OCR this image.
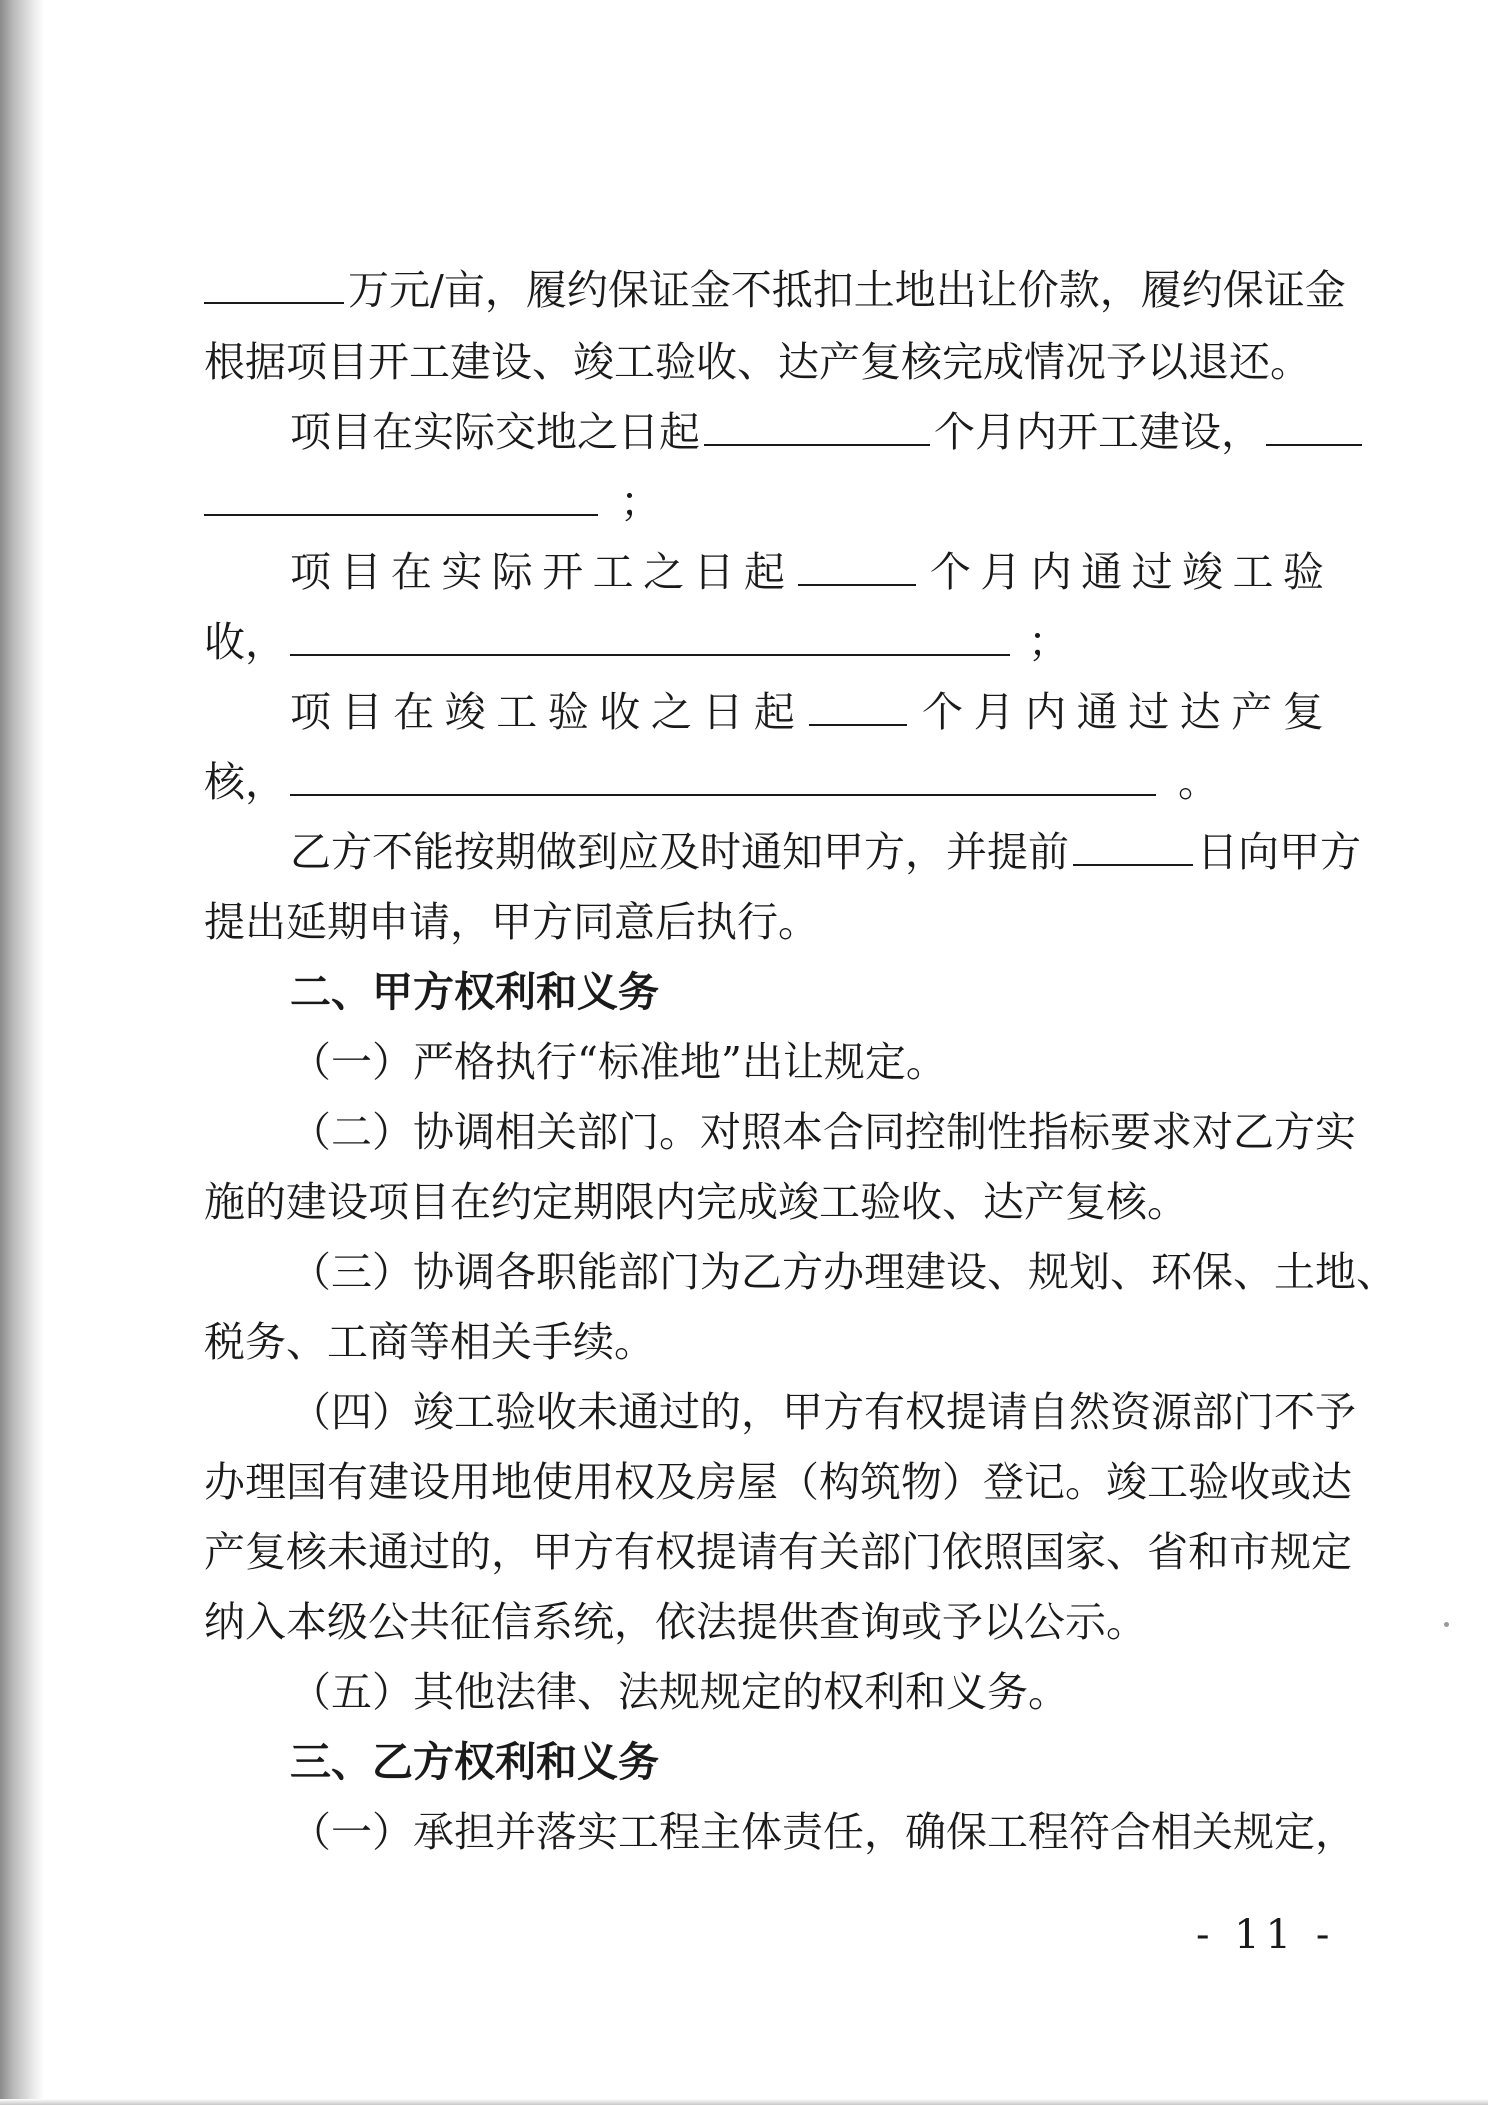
万元/亩，履约保证金不抵扣土地出让价款，履约保证金
根据项目开工建设、竣工验收、达产复核完成情况予以退还。
项目在实际交地之日起	个月内开工建设，
；
项 目 在 实 际 开 工 之 日 起	个 月 内 通 过 竣 工 验
收，	；
项 目 在 竣 工 验 收 之 日 起	个 月 内 通 过 达 产 复
核，	。
乙方不能按期做到应及时通知甲方，并提前	日向甲方
提出延期申请，甲方同意后执行。
二、甲方权利和义务
（一）严格执行“标准地”出让规定。
（二）协调相关部门。对照本合同控制性指标要求对乙方实
施的建设项目在约定期限内完成竣工验收、达产复核。
（三）协调各职能部门为乙方办理建设、规划、环保、土地、
税务、工商等相关手续。
（四）竣工验收未通过的，甲方有权提请自然资源部门不予
办理国有建设用地使用权及房屋（构筑物）登记。竣工验收或达
产复核未通过的，甲方有权提请有关部门依照国家、省和市规定
纳入本级公共征信系统，依法提供查询或予以公示。
（五）其他法律、法规规定的权利和义务。
三、乙方权利和义务
（一）承担并落实工程主体责任，确保工程符合相关规定，
- 11 -
